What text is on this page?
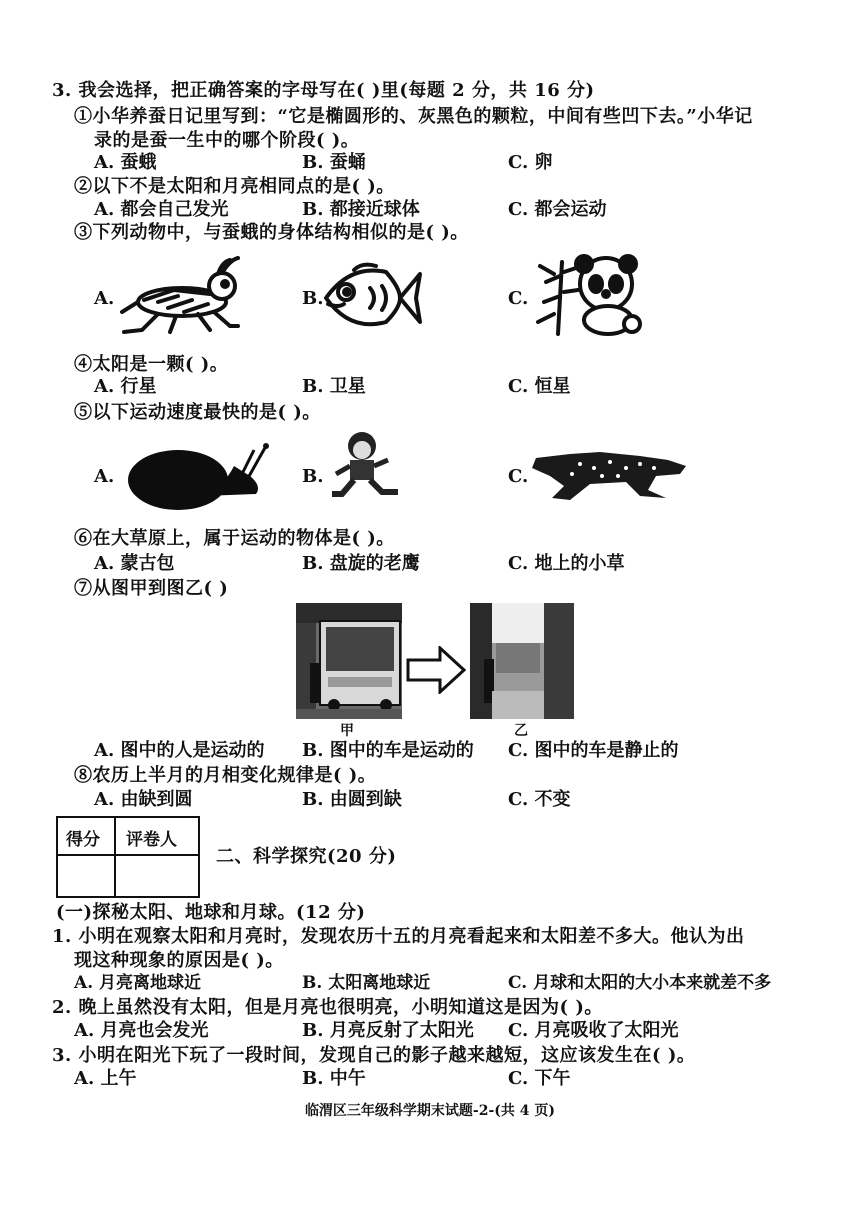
3. 我会选择，把正确答案的字母写在( )里(每题 2 分，共 16 分)
①小华养蚕日记里写到：“它是椭圆形的、灰黑色的颗粒，中间有些凹下去。”小华记
录的是蚕一生中的哪个阶段( )。
A. 蚕蛾	B. 蚕蛹	C. 卵
②以下不是太阳和月亮相同点的是( )。
A. 都会自己发光	B. 都接近球体	C. 都会运动
③下列动物中，与蚕蛾的身体结构相似的是( )。
A.	B.	C.
④太阳是一颗( )。
A. 行星	B. 卫星	C. 恒星
⑤以下运动速度最快的是( )。
A.	B.	C.
⑥在大草原上，属于运动的物体是( )。
A. 蒙古包	B. 盘旋的老鹰	C. 地上的小草
⑦从图甲到图乙( )
甲	乙
A. 图中的人是运动的 B. 图中的车是运动的 C. 图中的车是静止的
⑧农历上半月的月相变化规律是( )。
A. 由缺到圆	B. 由圆到缺	C. 不变
得分 评卷人
二、科学探究(20 分)
(一)探秘太阳、地球和月球。(12 分)
1. 小明在观察太阳和月亮时，发现农历十五的月亮看起来和太阳差不多大。他认为出
现这种现象的原因是( )。
A. 月亮离地球近	B. 太阳离地球近	C. 月球和太阳的大小本来就差不多
2. 晚上虽然没有太阳，但是月亮也很明亮，小明知道这是因为( )。
A. 月亮也会发光	B. 月亮反射了太阳光 C. 月亮吸收了太阳光
3. 小明在阳光下玩了一段时间，发现自己的影子越来越短，这应该发生在( )。
A. 上午	B. 中午	C. 下午
临渭区三年级科学期末试题-2-(共 4 页)
